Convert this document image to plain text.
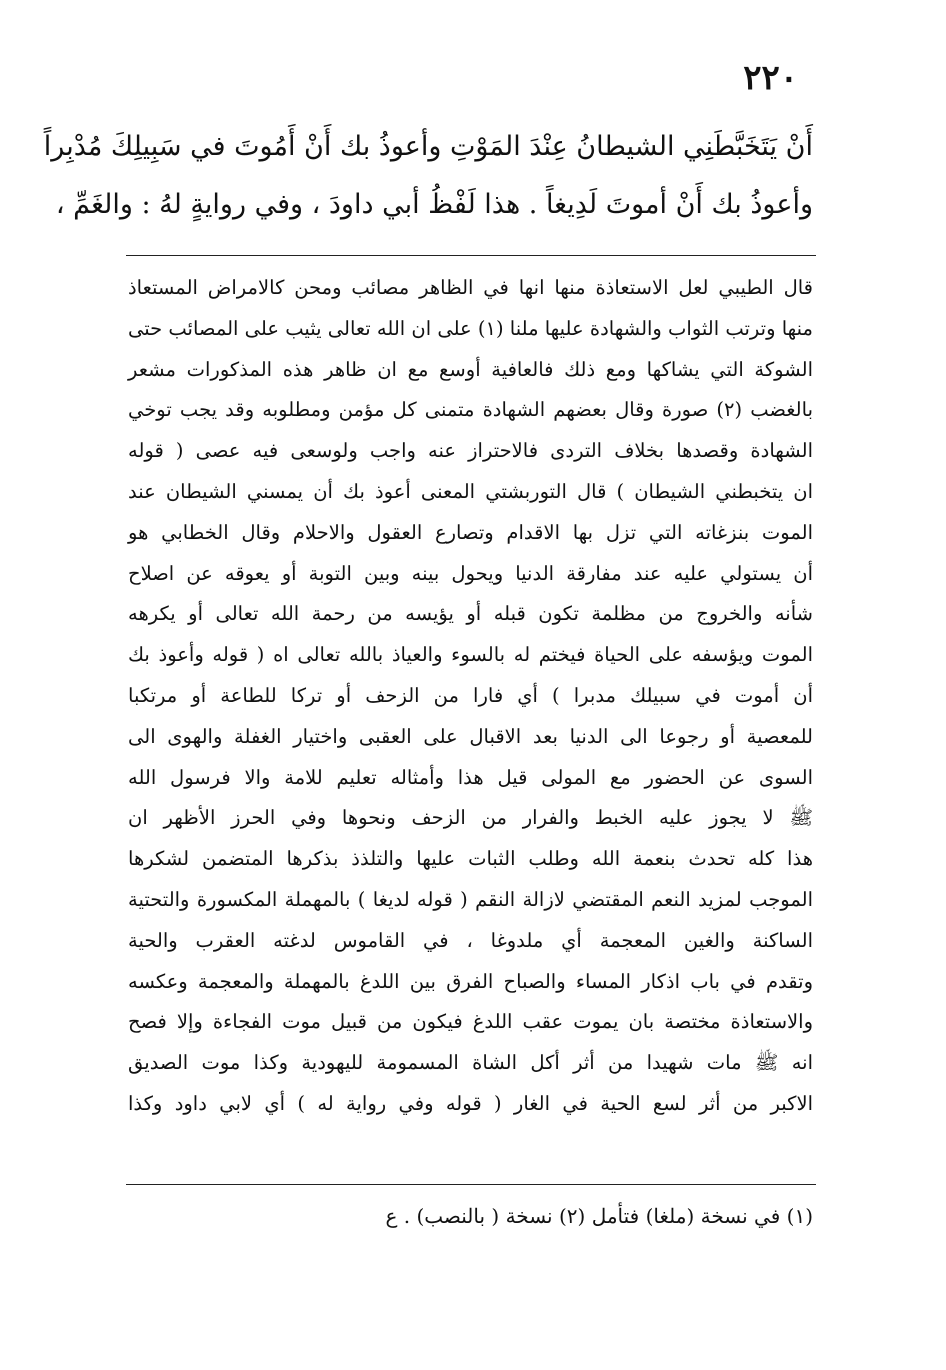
٢٢٠
أَنْ يَتَخَبَّطَنِي الشيطانُ عِنْدَ المَوْتِ وأعوذُ بك أَنْ أَمُوتَ في سَبِيلِكَ مُدْبِراً
وأعوذُ بك أَنْ أموتَ لَدِيغاً . هذا لَفْظُ أبي داودَ ، وفي روايةٍ لهُ : والغَمِّ ،
قال الطيبي لعل الاستعاذة منها انها في الظاهر مصائب ومحن كالامراض المستعاذ
منها وترتب الثواب والشهادة عليها ملنا (١) على ان الله تعالى يثيب على المصائب حتى
الشوكة التي يشاكها ومع ذلك فالعافية أوسع مع ان ظاهر هذه المذكورات مشعر
بالغضب (٢) صورة وقال بعضهم الشهادة متمنى كل مؤمن ومطلوبه وقد يجب توخي
الشهادة وقصدها بخلاف التردى فالاحتراز عنه واجب ولوسعى فيه عصى ( قوله
ان يتخبطني الشيطان ) قال التوربشتي المعنى أعوذ بك أن يمسني الشيطان عند
الموت بنزغاته التي تزل بها الاقدام وتصارع العقول والاحلام وقال الخطابي هو
أن يستولي عليه عند مفارقة الدنيا ويحول بينه وبين التوبة أو يعوقه عن اصلاح
شأنه والخروج من مظلمة تكون قبله أو يؤيسه من رحمة الله تعالى أو يكرهه
الموت ويؤسفه على الحياة فيختم له بالسوء والعياذ بالله تعالى اه ( قوله وأعوذ بك
أن أموت في سبيلك مدبرا ) أي فارا من الزحف أو تركا للطاعة أو مرتكبا
للمعصية أو رجوعا الى الدنيا بعد الاقبال على العقبى واختيار الغفلة والهوى الى
السوى عن الحضور مع المولى قيل هذا وأمثاله تعليم للامة والا فرسول الله
ﷺ لا يجوز عليه الخبط والفرار من الزحف ونحوها وفي الحرز الأظهر ان
هذا كله تحدث بنعمة الله وطلب الثبات عليها والتلذذ بذكرها المتضمن لشكرها
الموجب لمزيد النعم المقتضي لازالة النقم ( قوله لديغا ) بالمهملة المكسورة والتحتية
الساكنة والغين المعجمة أي ملدوغا ، في القاموس لدغته العقرب والحية
وتقدم في باب اذكار المساء والصباح الفرق بين اللدغ بالمهملة والمعجمة وعكسه
والاستعاذة مختصة بان يموت عقب اللدغ فيكون من قبيل موت الفجاءة وإلا فصح
انه ﷺ مات شهيدا من أثر أكل الشاة المسمومة لليهودية وكذا موت الصديق
الاكبر من أثر لسع الحية في الغار ( قوله وفي رواية له ) أي لابي داود وكذا
(١) في نسخة (ملغا) فتأمل (٢) نسخة ( بالنصب) . ع
